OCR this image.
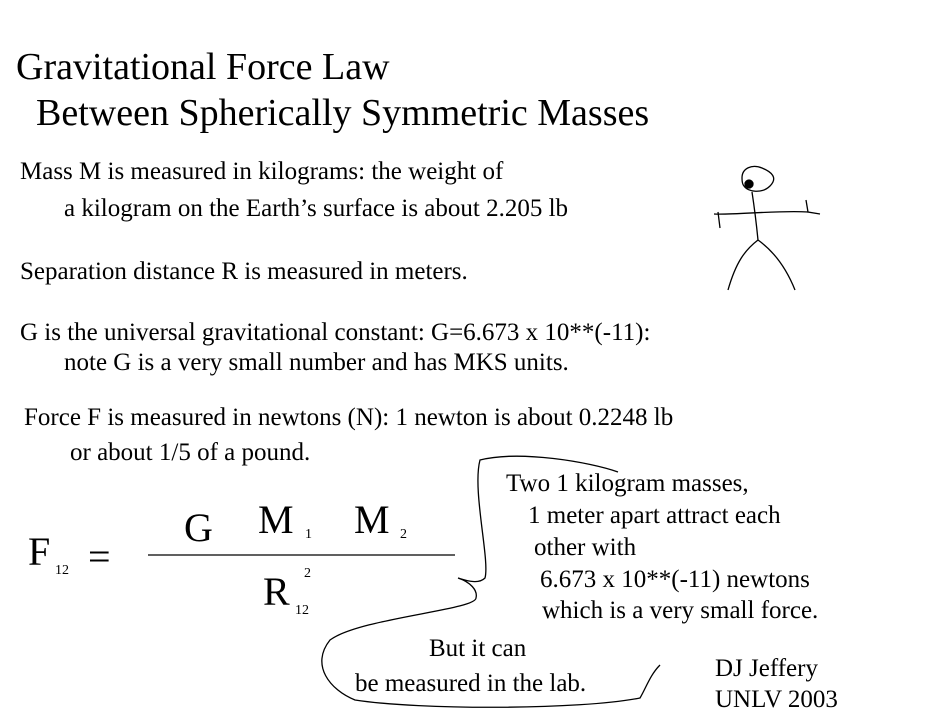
Gravitational Force Law
Between Spherically Symmetric Masses
Mass M is measured in kilograms: the weight of
a kilogram on the Earth’s surface is about 2.205 lb
Separation distance R is measured in meters.
G is the universal gravitational constant: G=6.673 x 10**(-11):
note G is a very small number and has MKS units.
Force F is measured in newtons (N): 1 newton is about 0.2248 lb
or about 1/5 of a pound.
F 12 =
G M 1 M 2
R 2
12
Two 1 kilogram masses,
1 meter apart attract each
other with
6.673 x 10**(-11) newtons
which is a very small force.
But it can
be measured in the lab.
DJ Jeffery
UNLV 2003
